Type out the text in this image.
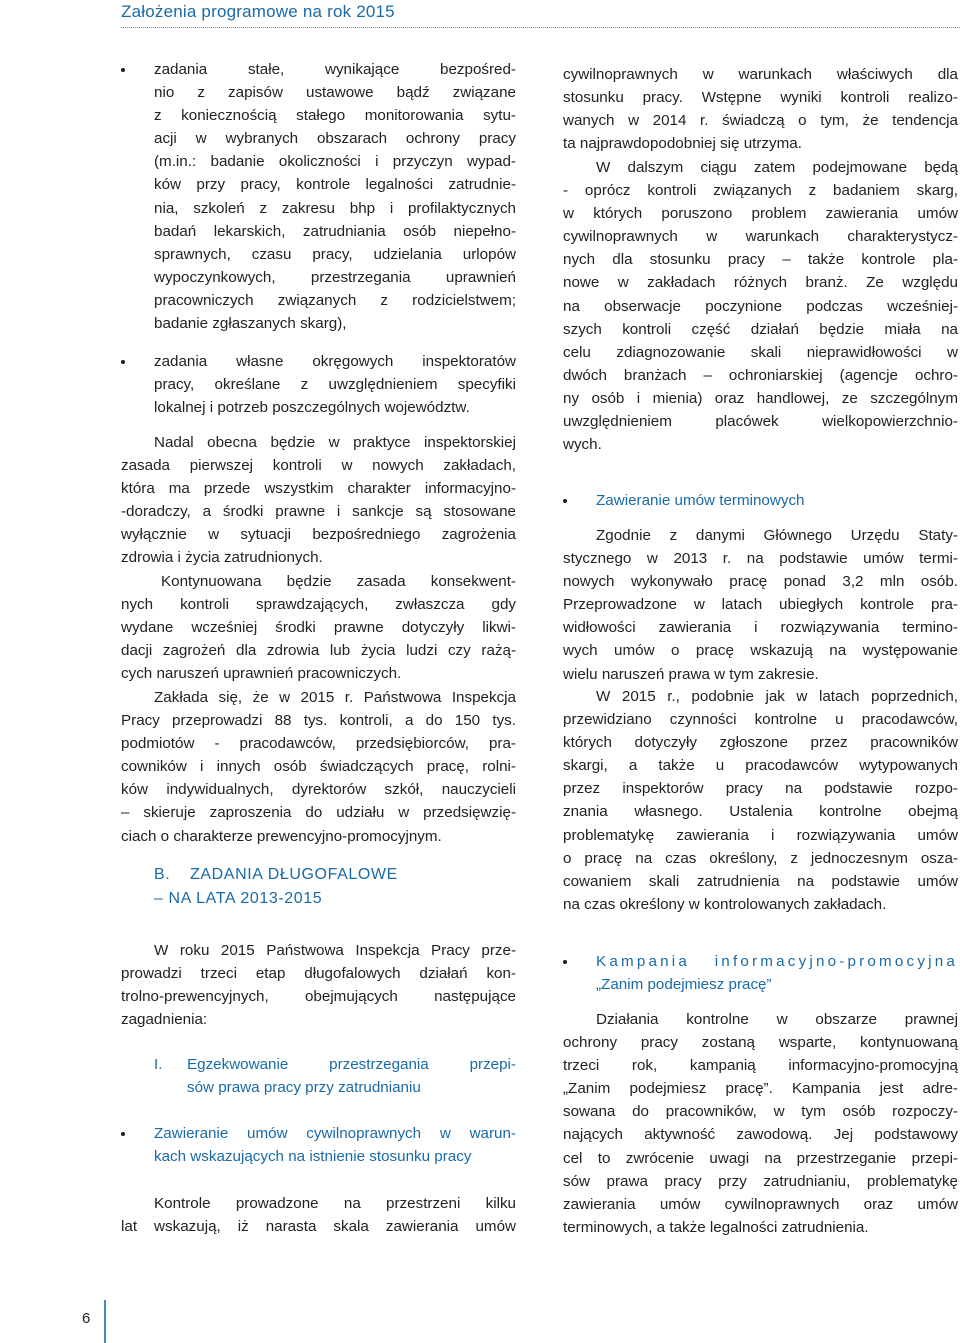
Założenia programowe na rok 2015
zadania stałe, wynikające bezpośred-
nio z zapisów ustawowe bądź związane
z koniecznością stałego monitorowania sytu-
acji w wybranych obszarach ochrony pracy
(m.in.: badanie okoliczności i przyczyn wypad-
ków przy pracy, kontrole legalności zatrudnie-
nia, szkoleń z zakresu bhp i profilaktycznych
badań lekarskich, zatrudniania osób niepełno-
sprawnych, czasu pracy, udzielania urlopów
wypoczynkowych, przestrzegania uprawnień
pracowniczych związanych z rodzicielstwem;
badanie zgłaszanych skarg),
zadania własne okręgowych inspektoratów
pracy, określane z uwzględnieniem specyfiki
lokalnej i potrzeb poszczególnych województw.
Nadal obecna będzie w praktyce inspektorskiej
zasada pierwszej kontroli w nowych zakładach,
która ma przede wszystkim charakter informacyjno-
-doradczy, a środki prawne i sankcje są stosowane
wyłącznie w sytuacji bezpośredniego zagrożenia
zdrowia i życia zatrudnionych.
Kontynuowana będzie zasada konsekwent-
nych kontroli sprawdzających, zwłaszcza gdy
wydane wcześniej środki prawne dotyczyły likwi-
dacji zagrożeń dla zdrowia lub życia ludzi czy rażą-
cych naruszeń uprawnień pracowniczych.
Zakłada się, że w 2015 r. Państwowa Inspekcja
Pracy przeprowadzi 88 tys. kontroli, a do 150 tys.
podmiotów - pracodawców, przedsiębiorców, pra-
cowników i innych osób świadczących pracę, rolni-
ków indywidualnych, dyrektorów szkół, nauczycieli
– skieruje zaproszenia do udziału w przedsięwzię-
ciach o charakterze prewencyjno-promocyjnym.
B. ZADANIA DŁUGOFALOWE
– NA LATA 2013-2015
W roku 2015 Państwowa Inspekcja Pracy prze-
prowadzi trzeci etap długofalowych działań kon-
trolno-prewencyjnych, obejmujących następujące
zagadnienia:
I. Egzekwowanie przestrzegania przepi-
sów prawa pracy przy zatrudnianiu
Zawieranie umów cywilnoprawnych w warun-
kach wskazujących na istnienie stosunku pracy
Kontrole prowadzone na przestrzeni kilku
lat wskazują, iż narasta skala zawierania umów
cywilnoprawnych w warunkach właściwych dla
stosunku pracy. Wstępne wyniki kontroli realizo-
wanych w 2014 r. świadczą o tym, że tendencja
ta najprawdopodobniej się utrzyma.
W dalszym ciągu zatem podejmowane będą
- oprócz kontroli związanych z badaniem skarg,
w których poruszono problem zawierania umów
cywilnoprawnych w warunkach charakterystycz-
nych dla stosunku pracy – także kontrole pla-
nowe w zakładach różnych branż. Ze względu
na obserwacje poczynione podczas wcześniej-
szych kontroli część działań będzie miała na
celu zdiagnozowanie skali nieprawidłowości w
dwóch branżach – ochroniarskiej (agencje ochro-
ny osób i mienia) oraz handlowej, ze szczególnym
uwzględnieniem placówek wielkopowierzchnio-
wych.
Zawieranie umów terminowych
Zgodnie z danymi Głównego Urzędu Staty-
stycznego w 2013 r. na podstawie umów termi-
nowych wykonywało pracę ponad 3,2 mln osób.
Przeprowadzone w latach ubiegłych kontrole pra-
widłowości zawierania i rozwiązywania termino-
wych umów o pracę wskazują na występowanie
wielu naruszeń prawa w tym zakresie.
W 2015 r., podobnie jak w latach poprzednich,
przewidziano czynności kontrolne u pracodawców,
których dotyczyły zgłoszone przez pracowników
skargi, a także u pracodawców wytypowanych
przez inspektorów pracy na podstawie rozpo-
znania własnego. Ustalenia kontrolne obejmą
problematykę zawierania i rozwiązywania umów
o pracę na czas określony, z jednoczesnym osza-
cowaniem skali zatrudnienia na podstawie umów
na czas określony w kontrolowanych zakładach.
Kampania informacyjno-promocyjna
„Zanim podejmiesz pracę”
Działania kontrolne w obszarze prawnej
ochrony pracy zostaną wsparte, kontynuowaną
trzeci rok, kampanią informacyjno-promocyjną
„Zanim podejmiesz pracę”. Kampania jest adre-
sowana do pracowników, w tym osób rozpoczy-
nających aktywność zawodową. Jej podstawowy
cel to zwrócenie uwagi na przestrzeganie przepi-
sów prawa pracy przy zatrudnianiu, problematykę
zawierania umów cywilnoprawnych oraz umów
terminowych, a także legalności zatrudnienia.
6
